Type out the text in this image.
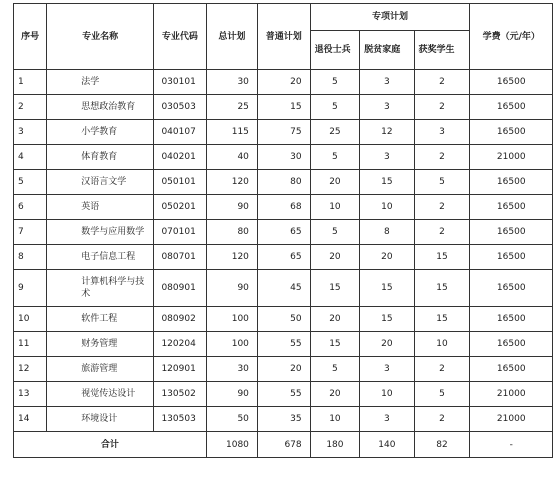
序号	专业名称	专业代码	总计划	普通计划	专项计划			学费（元/年）
					退役士兵	脱贫家庭	获奖学生	
1	法学	030101	30	20	5	3	2	16500
2	思想政治教育	030503	25	15	5	3	2	16500
3	小学教育	040107	115	75	25	12	3	16500
4	体育教育	040201	40	30	5	3	2	21000
5	汉语言文学	050101	120	80	20	15	5	16500
6	英语	050201	90	68	10	10	2	16500
7	数学与应用数学	070101	80	65	5	8	2	16500
8	电子信息工程	080701	120	65	20	20	15	16500
9	计算机科学与技术	080901	90	45	15	15	15	16500
10	软件工程	080902	100	50	20	15	15	16500
11	财务管理	120204	100	55	15	20	10	16500
12	旅游管理	120901	30	20	5	3	2	16500
13	视觉传达设计	130502	90	55	20	10	5	21000
14	环境设计	130503	50	35	10	3	2	21000
合计			1080	678	180	140	82	-
